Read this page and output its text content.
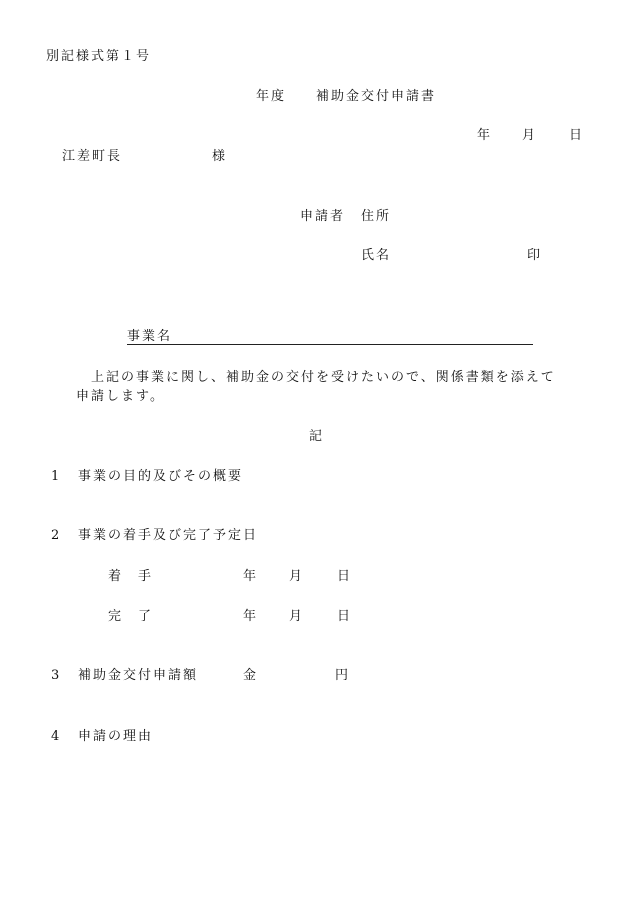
別記様式第１号
年度 補助金交付申請書
年 月 日
江差町長	様
申請者 住所
氏名	印
事業名
上記の事業に関し、補助金の交付を受けたいので、関係書類を添えて
申請します。
記
1 事業の目的及びその概要
2 事業の着手及び完了予定日
着　手	年 月	日
完　了	年 月	日
3 補助金交付申請額	金	円
4 申請の理由
